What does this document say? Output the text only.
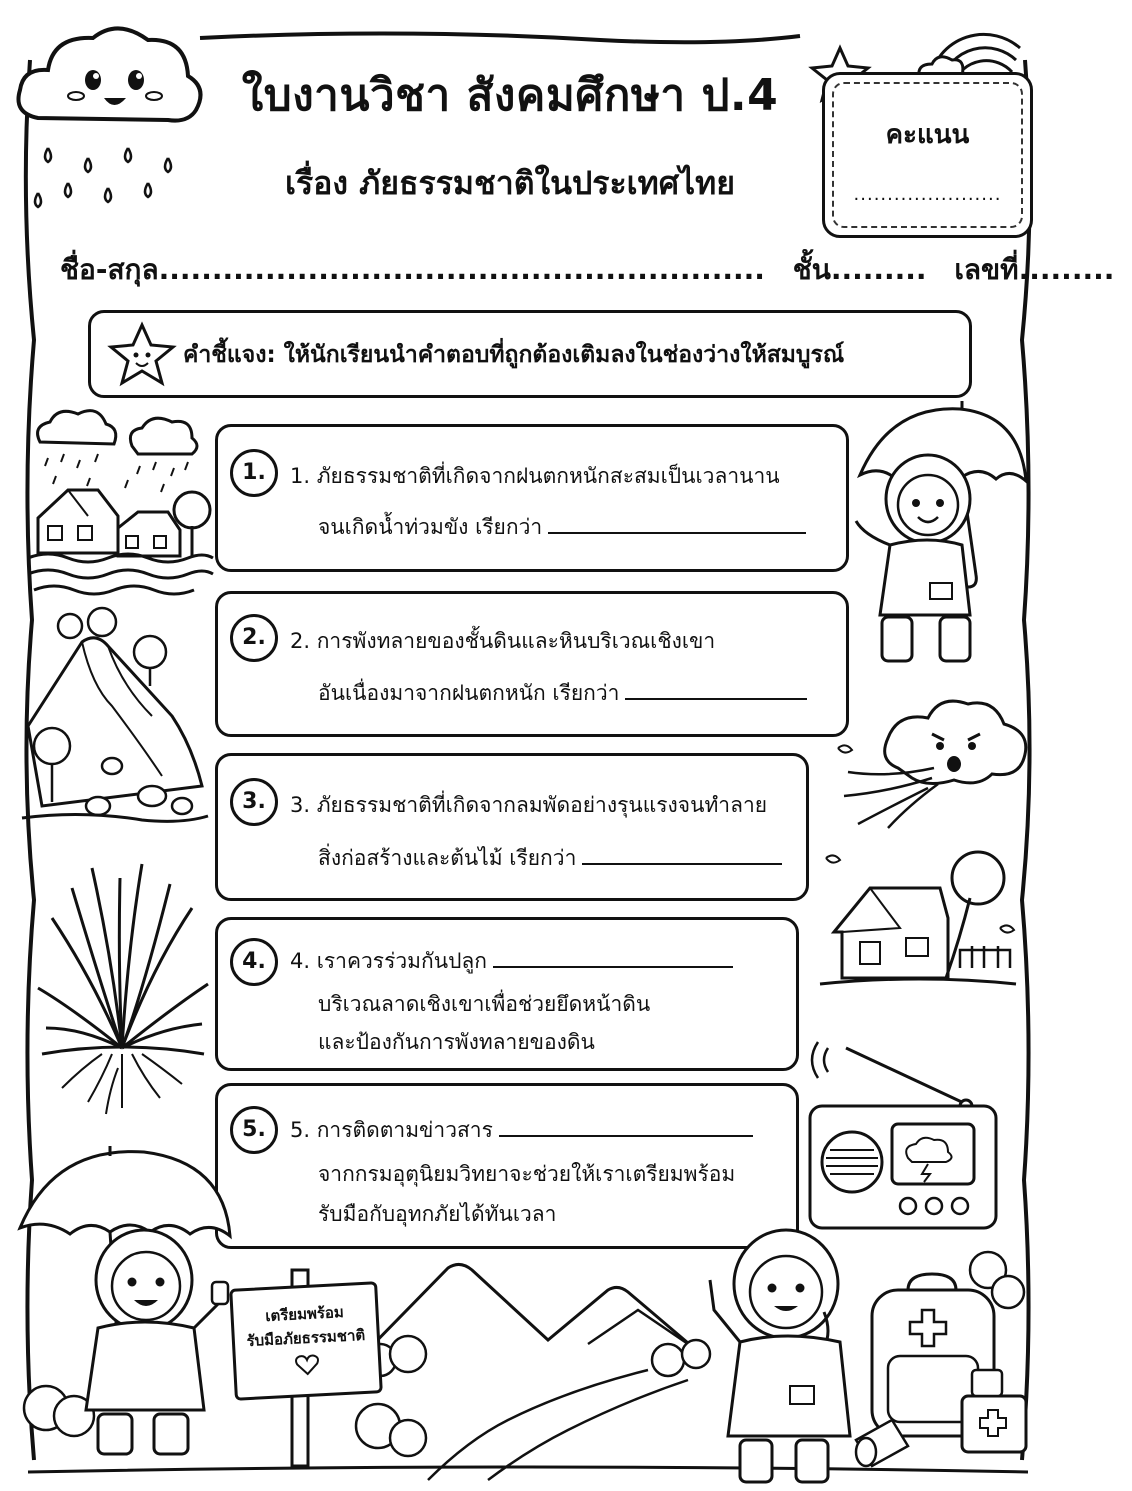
ใบงานวิชา สังคมศึกษา ป.4
เรื่อง ภัยธรรมชาติในประเทศไทย
คะแนน
......................
ชื่อ-สกุล......................................................... ชั้น......... เลขที่.........
คำชี้แจง: ให้นักเรียนนำคำตอบที่ถูกต้องเติมลงในช่องว่างให้สมบูรณ์
1.	1. ภัยธรรมชาติที่เกิดจากฝนตกหนักสะสมเป็นเวลานาน
จนเกิดน้ำท่วมขัง เรียกว่า
2.	2. การพังทลายของชั้นดินและหินบริเวณเชิงเขา
อันเนื่องมาจากฝนตกหนัก เรียกว่า
3.	3. ภัยธรรมชาติที่เกิดจากลมพัดอย่างรุนแรงจนทำลาย
สิ่งก่อสร้างและต้นไม้ เรียกว่า
4.	4. เราควรร่วมกันปลูก
บริเวณลาดเชิงเขาเพื่อช่วยยึดหน้าดิน
และป้องกันการพังทลายของดิน
5.	5. การติดตามข่าวสาร
จากกรมอุตุนิยมวิทยาจะช่วยให้เราเตรียมพร้อม
รับมือกับอุทกภัยได้ทันเวลา
เตรียมพร้อม
รับมือภัยธรรมชาติ
